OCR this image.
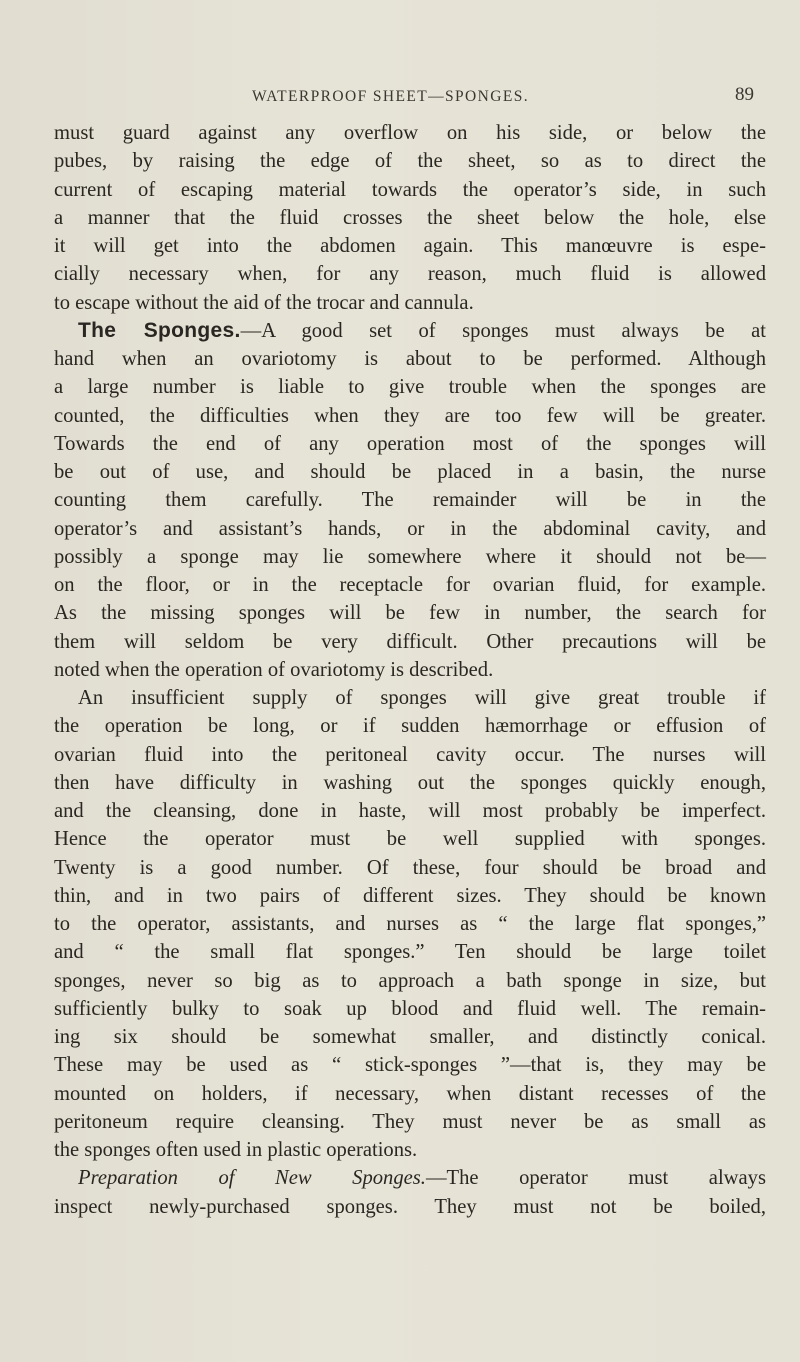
WATERPROOF SHEET—SPONGES.	89
must guard against any overflow on his side, or below the
pubes, by raising the edge of the sheet, so as to direct the
current of escaping material towards the operator’s side, in such
a manner that the fluid crosses the sheet below the hole, else
it will get into the abdomen again. This manœuvre is espe-
cially necessary when, for any reason, much fluid is allowed
to escape without the aid of the trocar and cannula.
The Sponges.—A good set of sponges must always be at
hand when an ovariotomy is about to be performed. Although
a large number is liable to give trouble when the sponges are
counted, the difficulties when they are too few will be greater.
Towards the end of any operation most of the sponges will
be out of use, and should be placed in a basin, the nurse
counting them carefully. The remainder will be in the
operator’s and assistant’s hands, or in the abdominal cavity, and
possibly a sponge may lie somewhere where it should not be—
on the floor, or in the receptacle for ovarian fluid, for example.
As the missing sponges will be few in number, the search for
them will seldom be very difficult. Other precautions will be
noted when the operation of ovariotomy is described.
An insufficient supply of sponges will give great trouble if
the operation be long, or if sudden hæmorrhage or effusion of
ovarian fluid into the peritoneal cavity occur. The nurses will
then have difficulty in washing out the sponges quickly enough,
and the cleansing, done in haste, will most probably be imperfect.
Hence the operator must be well supplied with sponges.
Twenty is a good number. Of these, four should be broad and
thin, and in two pairs of different sizes. They should be known
to the operator, assistants, and nurses as “ the large flat sponges,”
and “ the small flat sponges.” Ten should be large toilet
sponges, never so big as to approach a bath sponge in size, but
sufficiently bulky to soak up blood and fluid well. The remain-
ing six should be somewhat smaller, and distinctly conical.
These may be used as “ stick-sponges ”—that is, they may be
mounted on holders, if necessary, when distant recesses of the
peritoneum require cleansing. They must never be as small as
the sponges often used in plastic operations.
Preparation of New Sponges.—The operator must always
inspect newly-purchased sponges. They must not be boiled,
